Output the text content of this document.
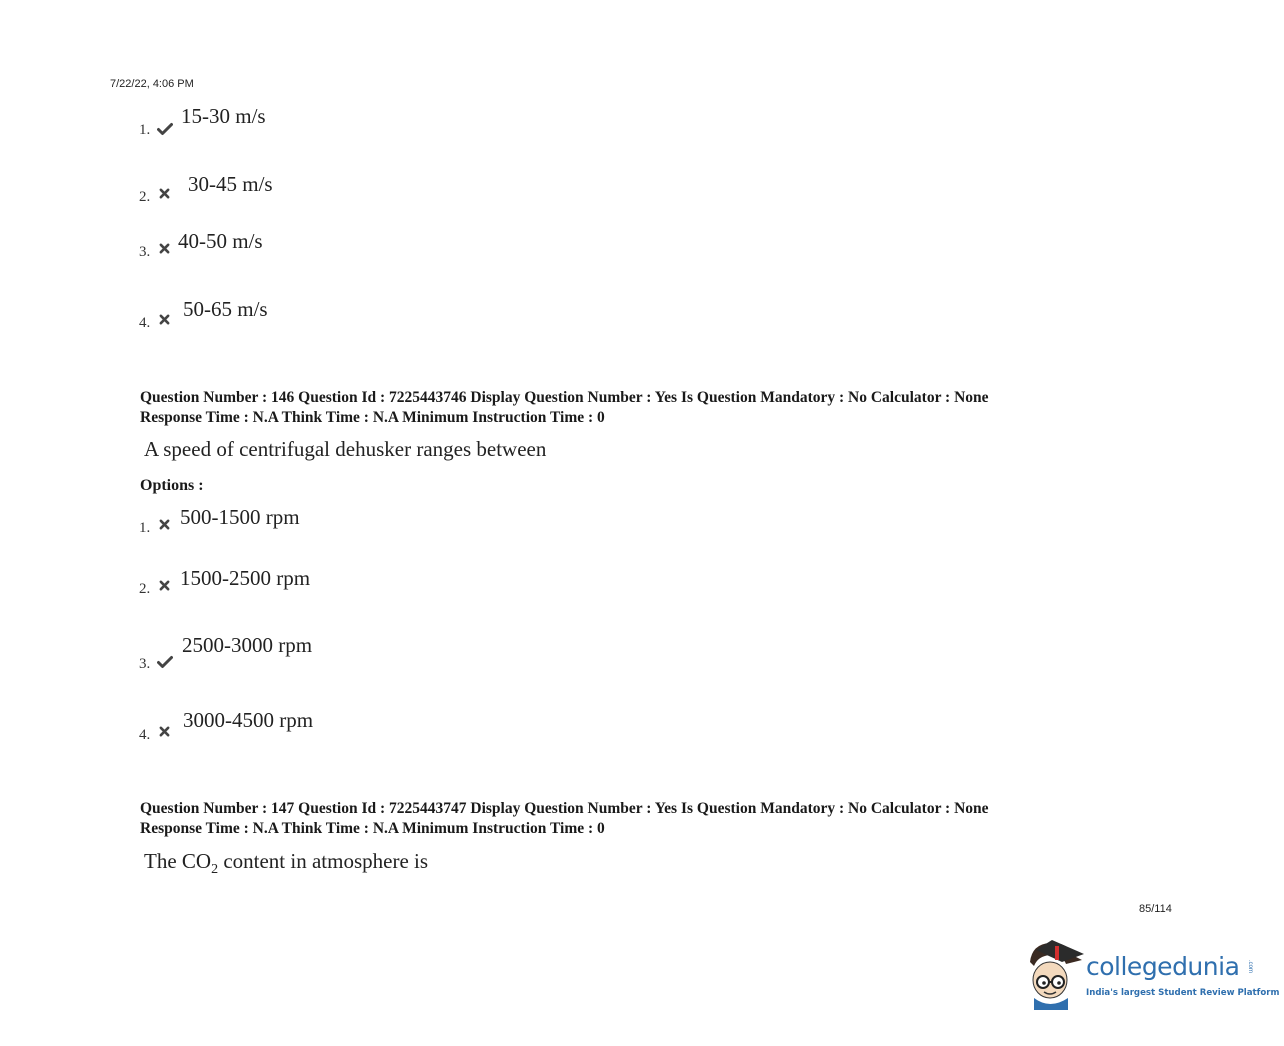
7/22/22, 4:06 PM
1.
15-30 m/s
2.
30-45 m/s
3. 40-50 m/s
4.
50-65 m/s
Question Number : 146 Question Id : 7225443746 Display Question Number : Yes Is Question Mandatory : No Calculator : None
Response Time : N.A Think Time : N.A Minimum Instruction Time : 0
A speed of centrifugal dehusker ranges between
Options :
1. 500-1500 rpm
2. 1500-2500 rpm
3.
2500-3000 rpm
4.
3000-4500 rpm
Question Number : 147 Question Id : 7225443747 Display Question Number : Yes Is Question Mandatory : No Calculator : None
Response Time : N.A Think Time : N.A Minimum Instruction Time : 0
The $CO_2$ content in atmosphere is
85/114
collegedunia .com
India's largest Student Review Platform
